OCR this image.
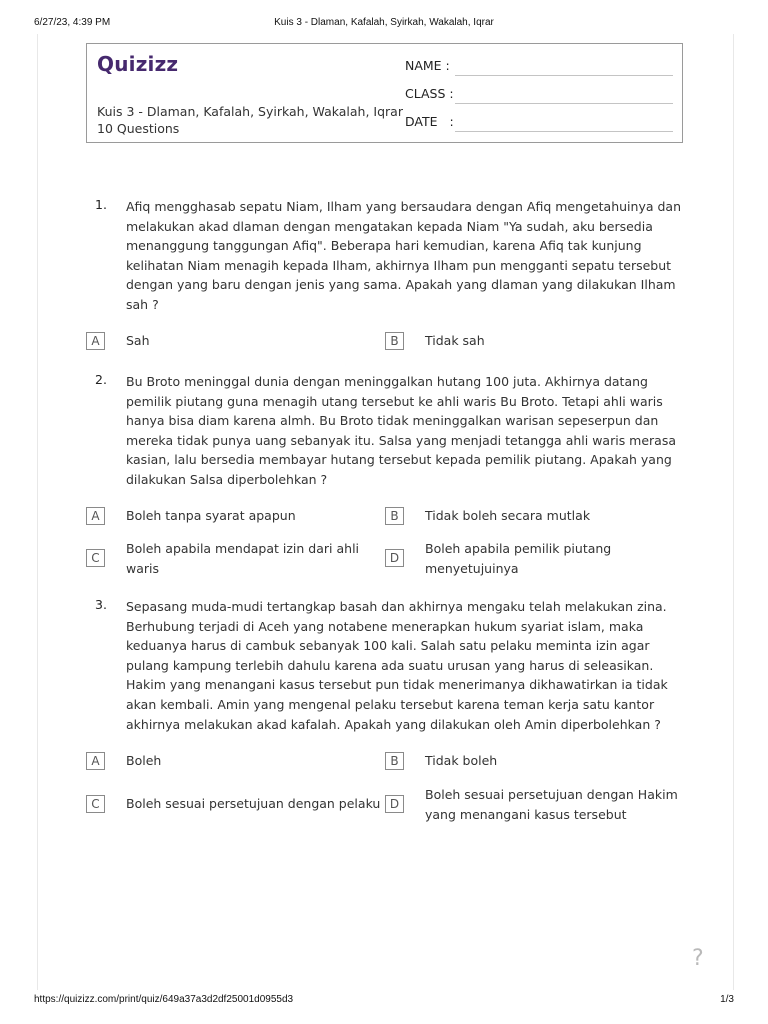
6/27/23, 4:39 PM	Kuis 3 - Dlaman, Kafalah, Syirkah, Wakalah, Iqrar
Quizizz
Kuis 3 - Dlaman, Kafalah, Syirkah, Wakalah, Iqrar
10 Questions
NAME :
CLASS :
DATE   :
1. Afiq mengghasab sepatu Niam, Ilham yang bersaudara dengan Afiq mengetahuinya dan melakukan akad dlaman dengan mengatakan kepada Niam "Ya sudah, aku bersedia menanggung tanggungan Afiq". Beberapa hari kemudian, karena Afiq tak kunjung kelihatan Niam menagih kepada Ilham, akhirnya Ilham pun mengganti sepatu tersebut dengan yang baru dengan jenis yang sama. Apakah yang dlaman yang dilakukan Ilham sah ?

A	Sah	B	Tidak sah
2. Bu Broto meninggal dunia dengan meninggalkan hutang 100 juta. Akhirnya datang pemilik piutang guna menagih utang tersebut ke ahli waris Bu Broto. Tetapi ahli waris hanya bisa diam karena almh. Bu Broto tidak meninggalkan warisan sepeserpun dan mereka tidak punya uang sebanyak itu. Salsa yang menjadi tetangga ahli waris merasa kasian, lalu bersedia membayar hutang tersebut kepada pemilik piutang. Apakah yang dilakukan Salsa diperbolehkan ?

A	Boleh tanpa syarat apapun	B	Tidak boleh secara mutlak
C
Boleh apabila mendapat izin dari ahli waris
D
Boleh apabila pemilik piutang menyetujuinya
3. Sepasang muda-mudi tertangkap basah dan akhirnya mengaku telah melakukan zina. Berhubung terjadi di Aceh yang notabene menerapkan hukum syariat islam, maka keduanya harus di cambuk sebanyak 100 kali. Salah satu pelaku meminta izin agar pulang kampung terlebih dahulu karena ada suatu urusan yang harus di seleasikan. Hakim yang menangani kasus tersebut pun tidak menerimanya dikhawatirkan ia tidak akan kembali. Amin yang mengenal pelaku tersebut karena teman kerja satu kantor akhirnya melakukan akad kafalah. Apakah yang dilakukan oleh Amin diperbolehkan ?

A	Boleh	B	Tidak boleh
C	Boleh sesuai persetujuan dengan pelaku D
Boleh sesuai persetujuan dengan Hakim yang menangani kasus tersebut
?
https://quizizz.com/print/quiz/649a37a3d2df25001d0955d3	1/3
